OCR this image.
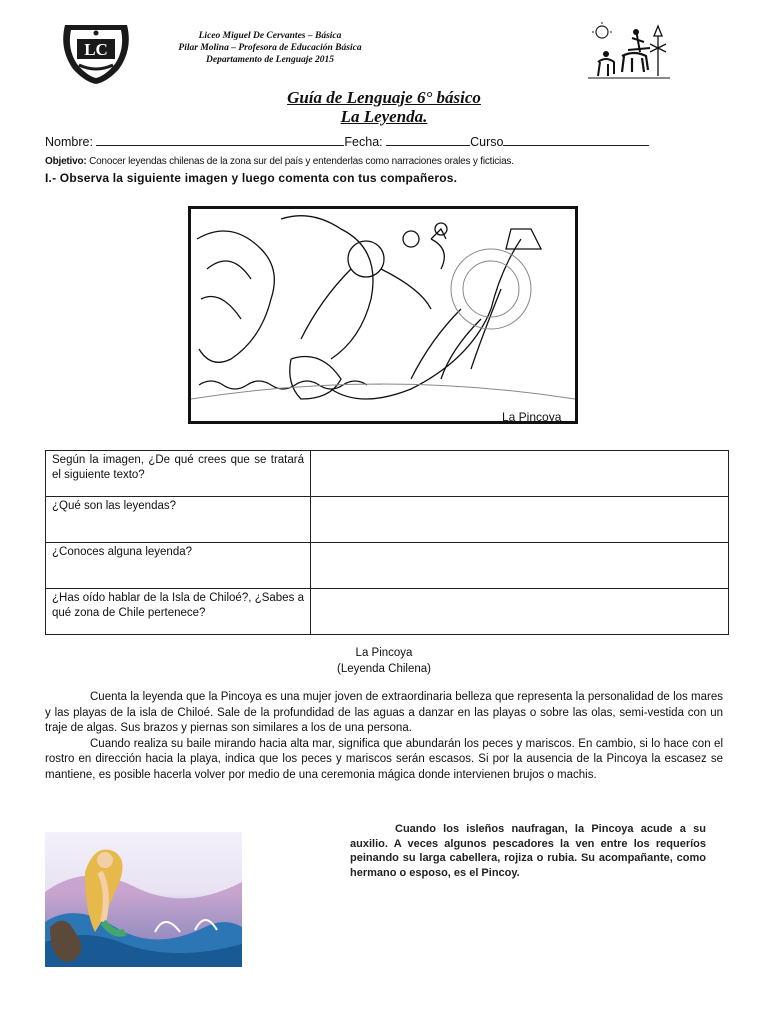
LC
Liceo Miguel De Cervantes – Básica
Pilar Molina – Profesora de Educación Básica
Departamento de Lenguaje 2015
Guía de Lenguaje 6° básico
La Leyenda.
Nombre:	Fecha:	Curso
Objetivo: Conocer leyendas chilenas de la zona sur del país y entenderlas como narraciones orales y ficticias.
I.- Observa la siguiente imagen y luego comenta con tus compañeros.
La Pincoya
Según la imagen, ¿De qué crees que se tratará el siguiente texto?	
¿Qué son las leyendas?	
¿Conoces alguna leyenda?	
¿Has oído hablar de la Isla de Chiloé?, ¿Sabes a qué zona de Chile pertenece?	
La Pincoya
(Leyenda Chilena)

Cuenta la leyenda que la Pincoya es una mujer joven de extraordinaria belleza que representa la personalidad de los mares y las playas de la isla de Chiloé. Sale de la profundidad de las aguas a danzar en las playas o sobre las olas, semi-vestida con un traje de algas. Sus brazos y piernas son similares a los de una persona.

Cuando realiza su baile mirando hacia alta mar, significa que abundarán los peces y mariscos. En cambio, si lo hace con el rostro en dirección hacia la playa, indica que los peces y mariscos serán escasos. Si por la ausencia de la Pincoya la escasez se mantiene, es posible hacerla volver por medio de una ceremonia mágica donde intervienen brujos o machis.

Cuando los isleños naufragan, la Pincoya acude a su auxilio. A veces algunos pescadores la ven entre los requeríos peinando su larga cabellera, rojiza o rubia. Su acompañante, como hermano o esposo, es el Pincoy.
